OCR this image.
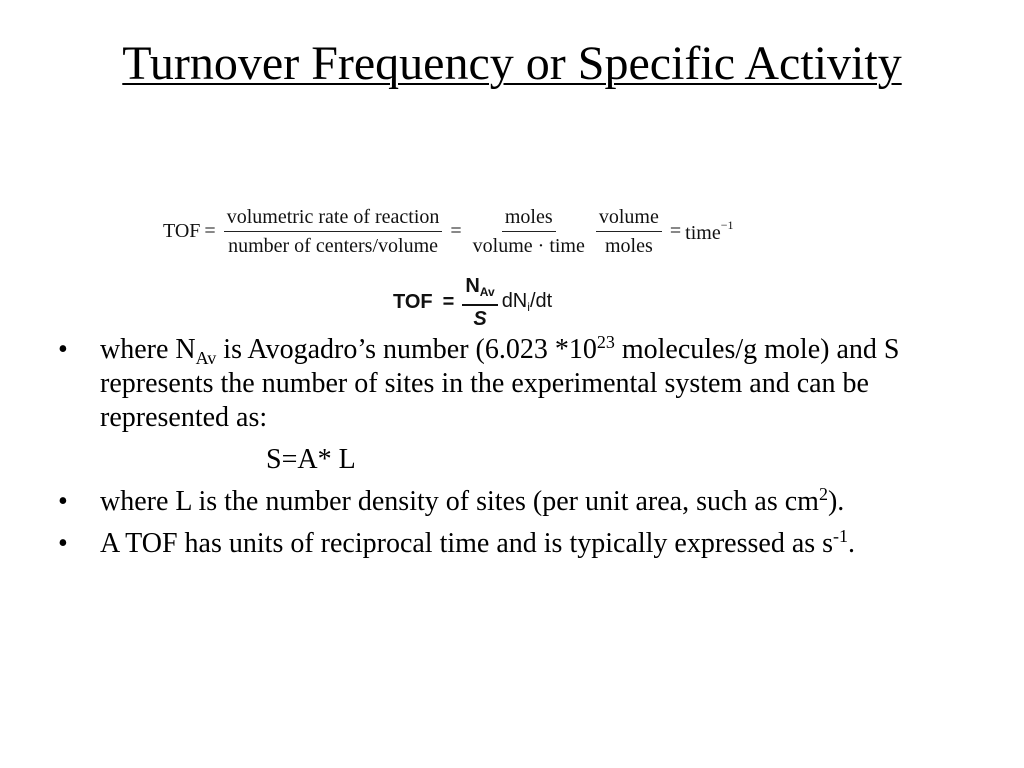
Turnover Frequency or Specific Activity
TOF = $\frac{\text{volumetric rate of reaction}}{\text{number of centers/volume}} = \frac{\text{moles}}{\text{volume · time}} \frac{\text{volume}}{\text{moles}}$ = time$^{-1}$
TOF = $\frac{N_{Av}}{S} dN_i/dt$
• where $N_{Av}$ is Avogadro’s number (6.023 $*10^{23}$ molecules/g mole) and S represents the number of sites in the experimental system and can be represented as:
S=A* L
• where L is the number density of sites (per unit area, such as $cm^2$).
• A TOF has units of reciprocal time and is typically expressed as $s^{-1}$.
